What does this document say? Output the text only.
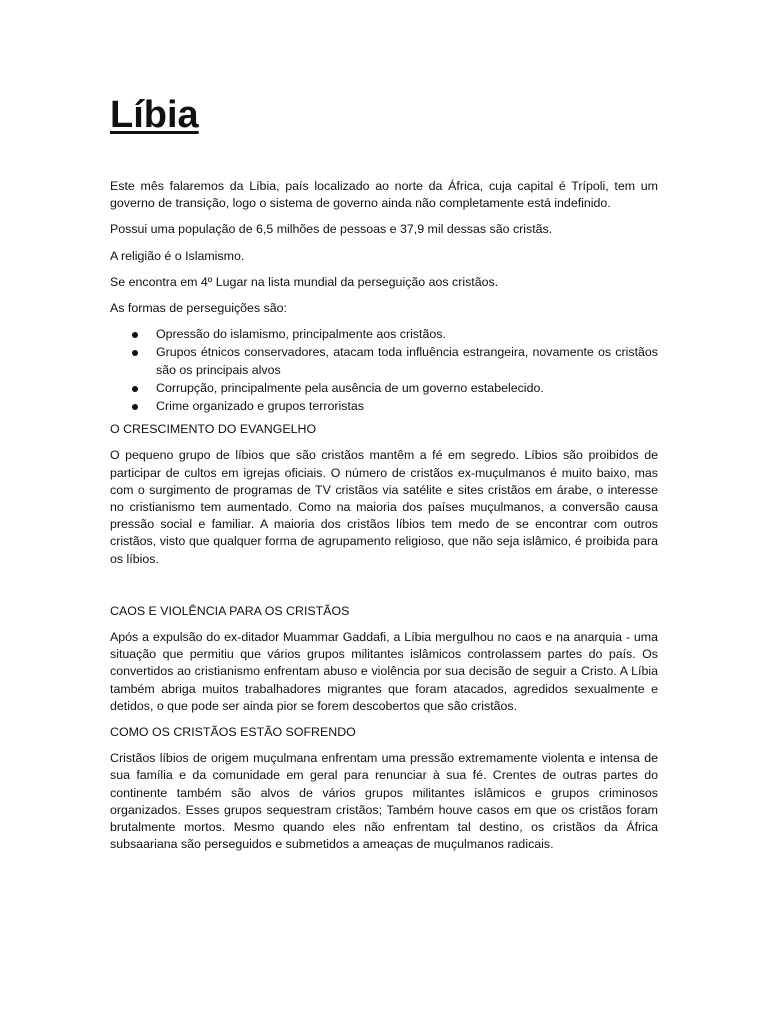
Líbia

Este mês falaremos da Líbia, país localizado ao norte da África, cuja capital é Trípoli, tem um governo de transição, logo o sistema de governo ainda não completamente está indefinido.

Possui uma população de 6,5 milhões de pessoas e 37,9 mil dessas são cristãs.

A religião é o Islamismo.

Se encontra em 4º Lugar na lista mundial da perseguição aos cristãos.

As formas de perseguições são:

Opressão do islamismo, principalmente aos cristãos.
Grupos étnicos conservadores, atacam toda influência estrangeira, novamente os cristãos são os principais alvos
Corrupção, principalmente pela ausência de um governo estabelecido.
Crime organizado e grupos terroristas
O CRESCIMENTO DO EVANGELHO

O pequeno grupo de líbios que são cristãos mantêm a fé em segredo. Líbios são proibidos de participar de cultos em igrejas oficiais. O número de cristãos ex-muçulmanos é muito baixo, mas com o surgimento de programas de TV cristãos via satélite e sites cristãos em árabe, o interesse no cristianismo tem aumentado. Como na maioria dos países muçulmanos, a conversão causa pressão social e familiar. A maioria dos cristãos líbios tem medo de se encontrar com outros cristãos, visto que qualquer forma de agrupamento religioso, que não seja islâmico, é proibida para os líbios.

CAOS E VIOLÊNCIA PARA OS CRISTÃOS

Após a expulsão do ex-ditador Muammar Gaddafi, a Líbia mergulhou no caos e na anarquia - uma situação que permitiu que vários grupos militantes islâmicos controlassem partes do país. Os convertidos ao cristianismo enfrentam abuso e violência por sua decisão de seguir a Cristo. A Líbia também abriga muitos trabalhadores migrantes que foram atacados, agredidos sexualmente e detidos, o que pode ser ainda pior se forem descobertos que são cristãos.

COMO OS CRISTÃOS ESTÃO SOFRENDO

Cristãos líbios de origem muçulmana enfrentam uma pressão extremamente violenta e intensa de sua família e da comunidade em geral para renunciar à sua fé. Crentes de outras partes do continente também são alvos de vários grupos militantes islâmicos e grupos criminosos organizados. Esses grupos sequestram cristãos; Também houve casos em que os cristãos foram brutalmente mortos. Mesmo quando eles não enfrentam tal destino, os cristãos da África subsaariana são perseguidos e submetidos a ameaças de muçulmanos radicais.
